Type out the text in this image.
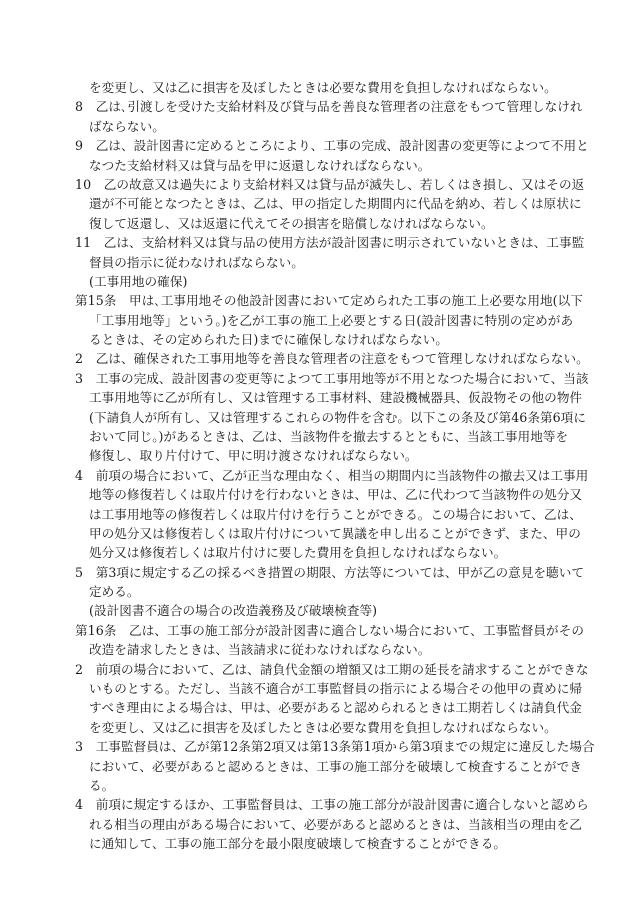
を変更し、又は乙に損害を及ぼしたときは必要な費用を負担しなければならない。
8　乙は､引渡しを受けた支給材料及び貸与品を善良な管理者の注意をもつて管理しなけれ
ばならない。
9　乙は、設計図書に定めるところにより、工事の完成、設計図書の変更等によつて不用と
なつた支給材料又は貸与品を甲に返還しなければならない。
10　乙の故意又は過失により支給材料又は貸与品が滅失し、若しくはき損し、又はその返
還が不可能となつたときは、乙は、甲の指定した期間内に代品を納め、若しくは原状に
復して返還し、又は返還に代えてその損害を賠償しなければならない。
11　乙は、支給材料又は貸与品の使用方法が設計図書に明示されていないときは、工事監
督員の指示に従わなければならない。
(工事用地の確保)
第15条　甲は､工事用地その他設計図書において定められた工事の施工上必要な用地(以下
「工事用地等」という。)を乙が工事の施工上必要とする日(設計図書に特別の定めがあ
るときは、その定められた日)までに確保しなければならない。
2　乙は、確保された工事用地等を善良な管理者の注意をもつて管理しなければならない。
3　工事の完成、設計図書の変更等によつて工事用地等が不用となつた場合において、当該
工事用地等に乙が所有し、又は管理する工事材料、建設機械器具、仮設物その他の物件
(下請負人が所有し、又は管理するこれらの物件を含む。以下この条及び第46条第6項に
おいて同じ。)があるときは、乙は、当該物件を撤去するとともに、当該工事用地等を
修復し、取り片付けて、甲に明け渡さなければならない。
4　前項の場合において、乙が正当な理由なく、相当の期間内に当該物件の撤去又は工事用
地等の修復若しくは取片付けを行わないときは、甲は、乙に代わつて当該物件の処分又
は工事用地等の修復若しくは取片付けを行うことができる。この場合において、乙は、
甲の処分又は修復若しくは取片付けについて異議を申し出ることができず、また、甲の
処分又は修復若しくは取片付けに要した費用を負担しなければならない。
5　第3項に規定する乙の採るべき措置の期限、方法等については、甲が乙の意見を聴いて
定める。
(設計図書不適合の場合の改造義務及び破壊検査等)
第16条　乙は、工事の施工部分が設計図書に適合しない場合において、工事監督員がその
改造を請求したときは、当該請求に従わなければならない。
2　前項の場合において、乙は、請負代金額の増額又は工期の延長を請求することができな
いものとする。ただし、当該不適合が工事監督員の指示による場合その他甲の責めに帰
すべき理由による場合は、甲は、必要があると認められるときは工期若しくは請負代金
を変更し、又は乙に損害を及ぼしたときは必要な費用を負担しなければならない。
3　工事監督員は、乙が第12条第2項又は第13条第1項から第3項までの規定に違反した場合
において、必要があると認めるときは、工事の施工部分を破壊して検査することができ
る。
4　前項に規定するほか、工事監督員は、工事の施工部分が設計図書に適合しないと認めら
れる相当の理由がある場合において、必要があると認めるときは、当該相当の理由を乙
に通知して、工事の施工部分を最小限度破壊して検査することができる。
